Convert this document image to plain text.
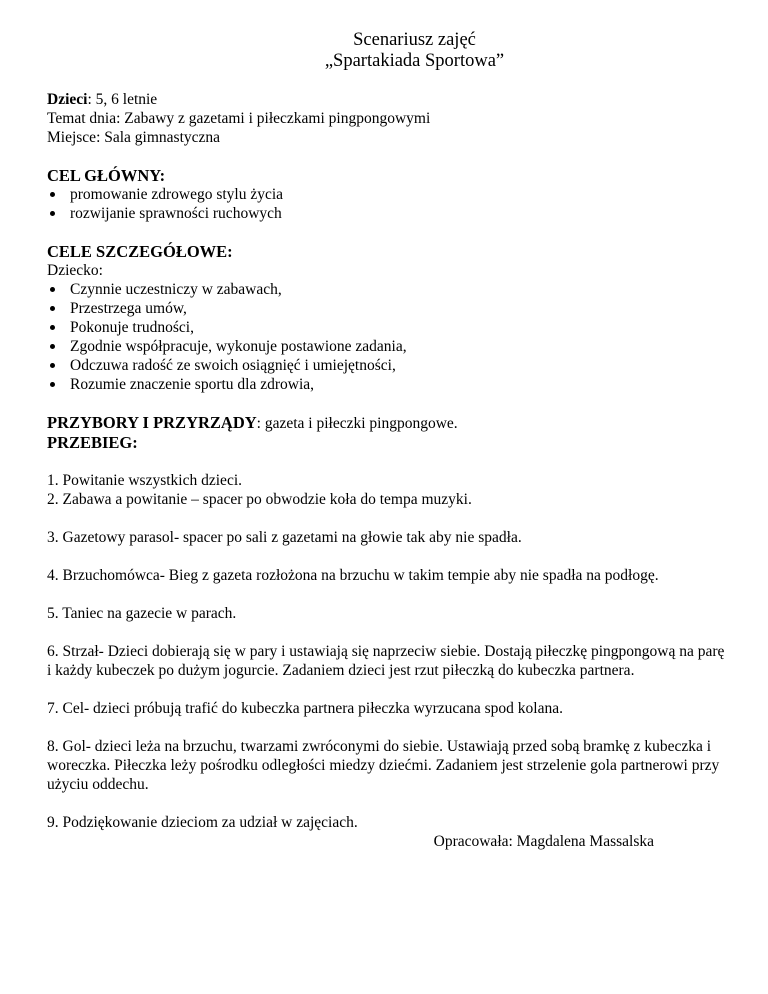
Scenariusz zajęć
„Spartakiada Sportowa”

Dzieci: 5, 6 letnie

Temat dnia: Zabawy z gazetami i piłeczkami pingpongowymi

Miejsce: Sala gimnastyczna

CEL GŁÓWNY:
promowanie zdrowego stylu życia
rozwijanie sprawności ruchowych
CELE SZCZEGÓŁOWE:

Dziecko:

Czynnie uczestniczy w zabawach,
Przestrzega umów,
Pokonuje trudności,
Zgodnie współpracuje, wykonuje postawione zadania,
Odczuwa radość ze swoich osiągnięć i umiejętności,
Rozumie znaczenie sportu dla zdrowia,

PRZYBORY I PRZYRZĄDY: gazeta i piłeczki pingpongowe.

PRZEBIEG:

1. Powitanie wszystkich dzieci.

2. Zabawa a powitanie – spacer po obwodzie koła do tempa muzyki.

3. Gazetowy parasol- spacer po sali z gazetami na głowie tak aby nie spadła.

4. Brzuchomówca- Bieg z gazeta rozłożona na brzuchu w takim tempie aby nie spadła na podłogę.

5. Taniec na gazecie w parach.

6. Strzał- Dzieci dobierają się w pary i ustawiają się naprzeciw siebie. Dostają piłeczkę pingpongową na parę i każdy kubeczek po dużym jogurcie. Zadaniem dzieci jest rzut piłeczką do kubeczka partnera.

7. Cel- dzieci próbują trafić do kubeczka partnera piłeczka wyrzucana spod kolana.

8. Gol- dzieci leża na brzuchu, twarzami zwróconymi do siebie. Ustawiają przed sobą bramkę z kubeczka i woreczka. Piłeczka leży pośrodku odległości miedzy dziećmi. Zadaniem jest strzelenie gola partnerowi przy użyciu oddechu.

9. Podziękowanie dzieciom za udział w zajęciach.

Opracowała: Magdalena Massalska
